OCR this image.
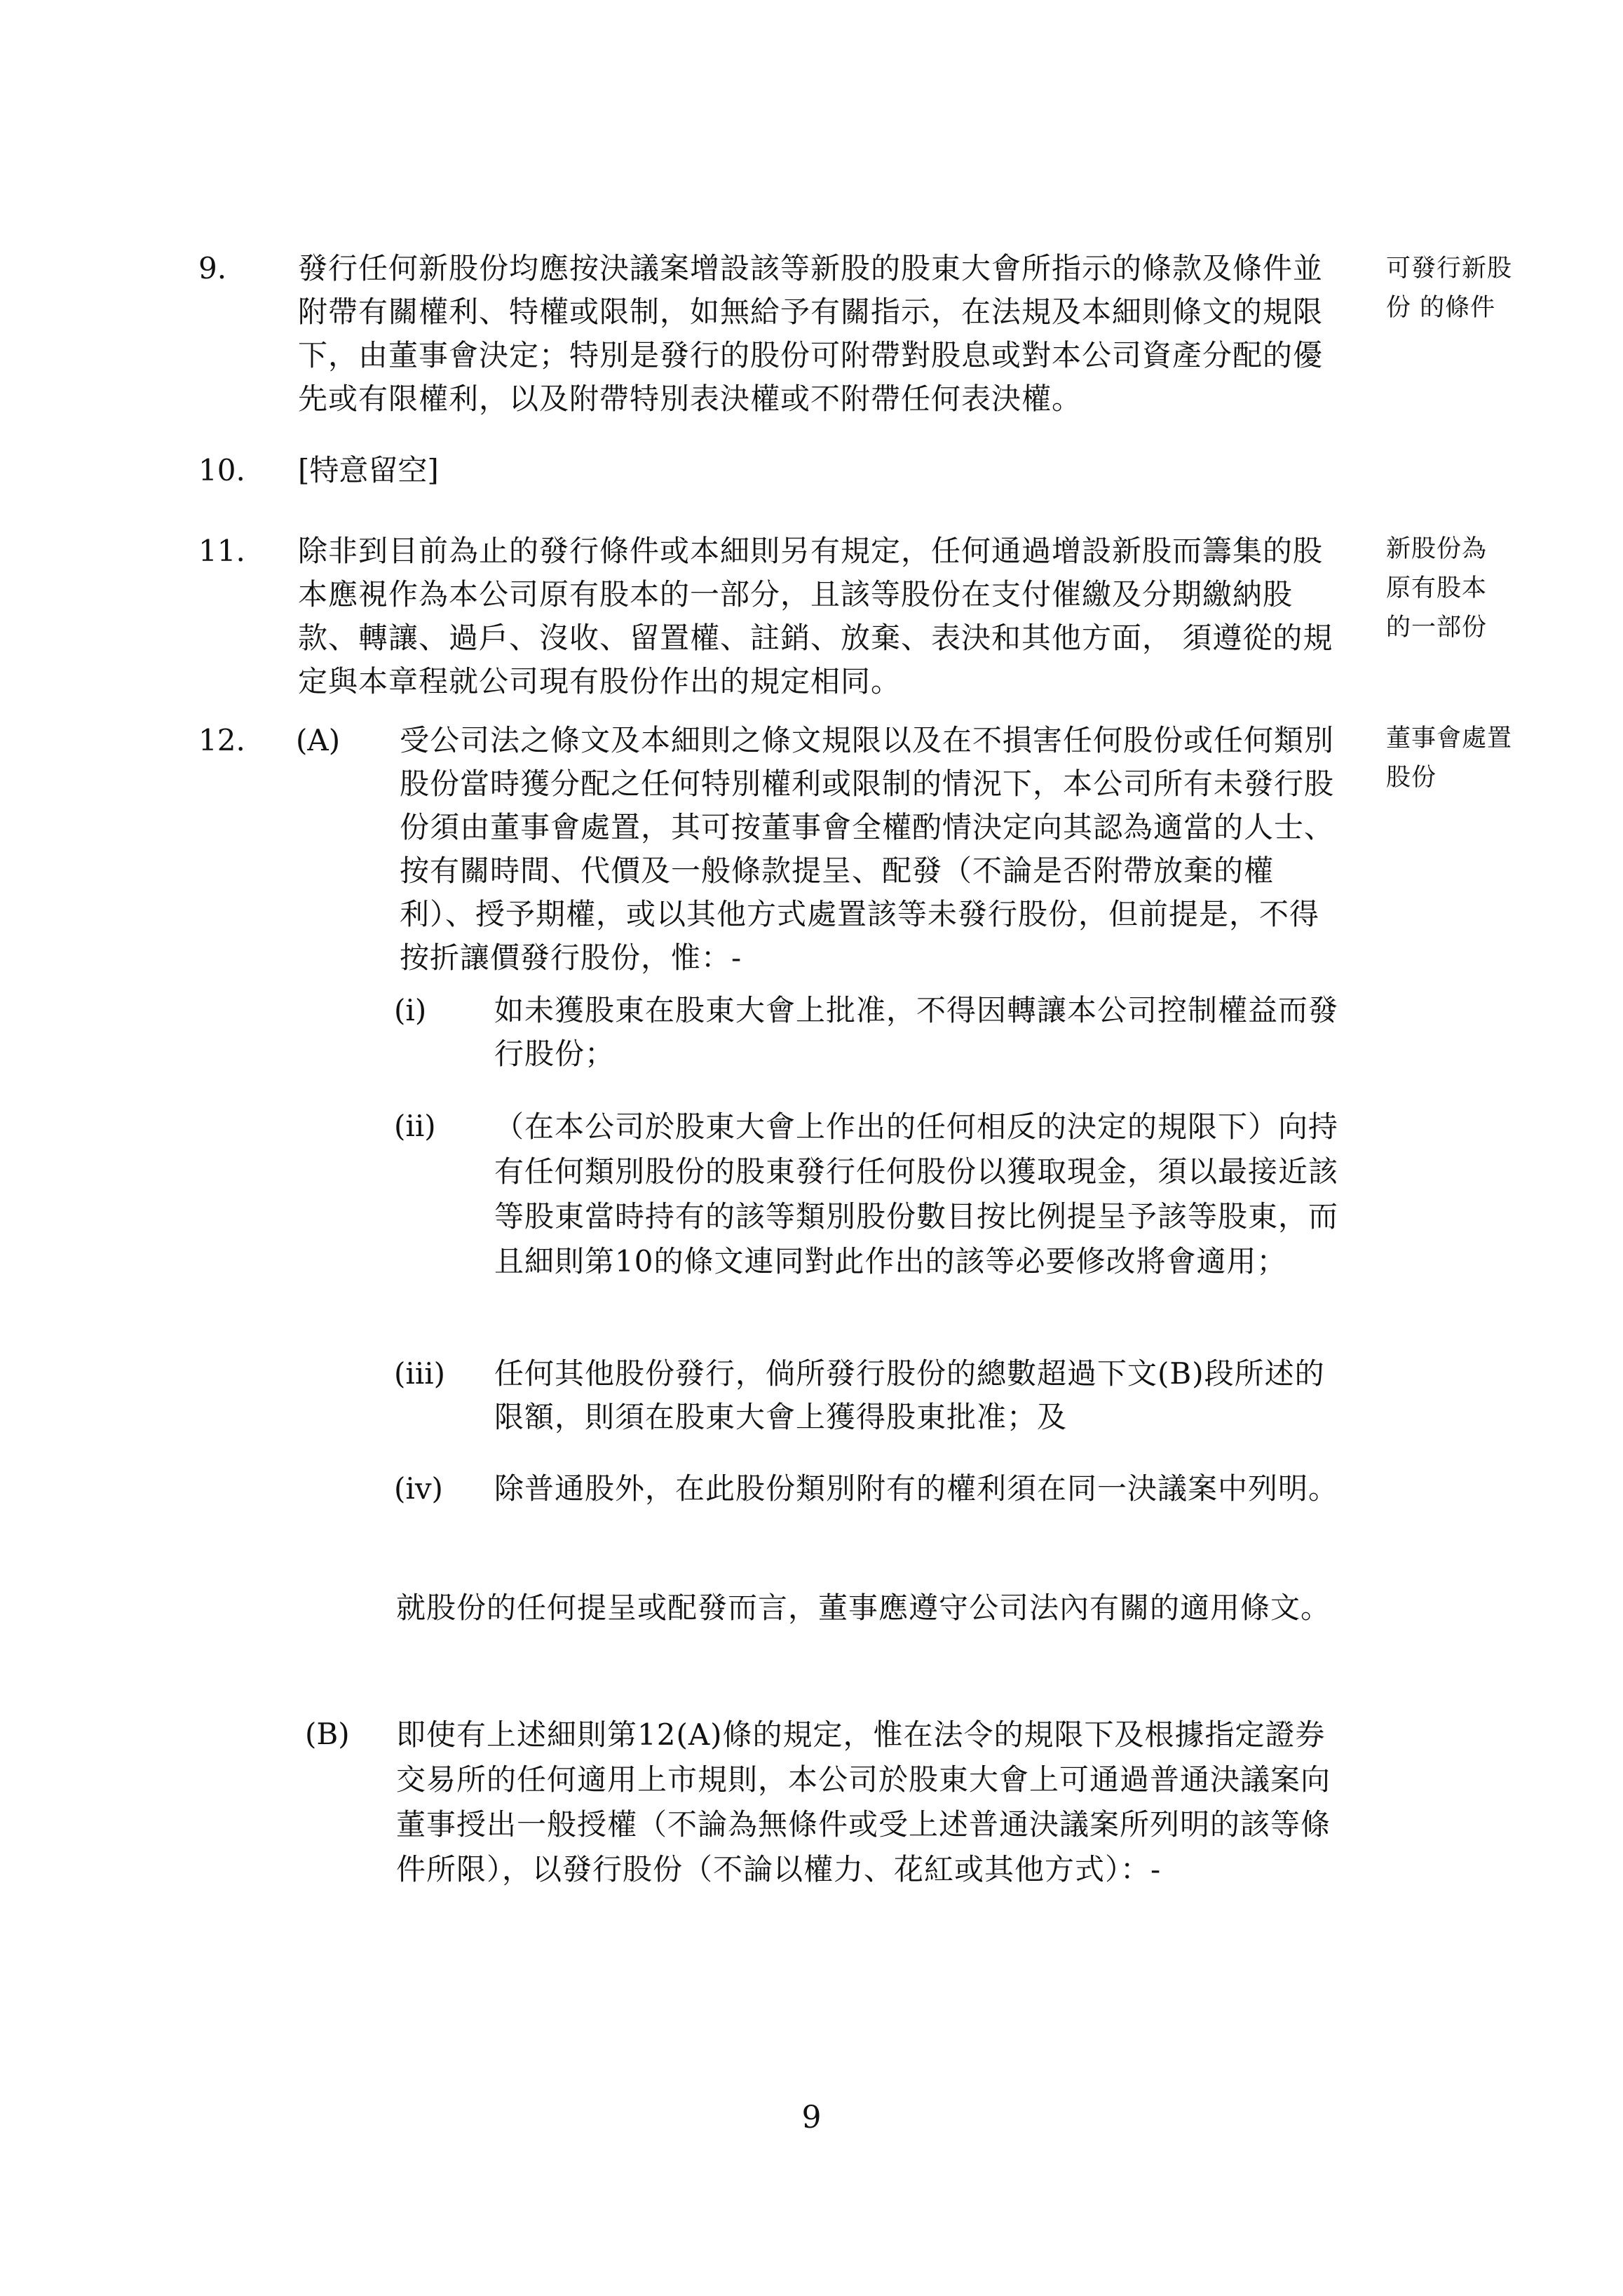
9. 發行任何新股份均應按決議案增設該等新股的股東大會所指示的條款及條件並附帶有關權利、特權或限制，如無給予有關指示，在法規及本細則條文的規限下，由董事會決定；特別是發行的股份可附帶對股息或對本公司資產分配的優先或有限權利，以及附帶特別表決權或不附帶任何表決權。

可發行新股份 的條件

10. [特意留空]

11. 除非到目前為止的發行條件或本細則另有規定，任何通過增設新股而籌集的股本應視作為本公司原有股本的一部分，且該等股份在支付催繳及分期繳納股款、轉讓、過戶、沒收、留置權、註銷、放棄、表決和其他方面， 須遵從的規定與本章程就公司現有股份作出的規定相同。

新股份為原有股本的一部份

12. (A) 受公司法之條文及本細則之條文規限以及在不損害任何股份或任何類別股份當時獲分配之任何特別權利或限制的情況下，本公司所有未發行股份須由董事會處置，其可按董事會全權酌情決定向其認為適當的人士、按有關時間、代價及一般條款提呈、配發（不論是否附帶放棄的權利）、授予期權，或以其他方式處置該等未發行股份，但前提是，不得按折讓價發行股份，惟：-

董事會處置股份

(i) 如未獲股東在股東大會上批准，不得因轉讓本公司控制權益而發行股份；

(ii) （在本公司於股東大會上作出的任何相反的決定的規限下）向持有任何類別股份的股東發行任何股份以獲取現金，須以最接近該等股東當時持有的該等類別股份數目按比例提呈予該等股東，而且細則第10的條文連同對此作出的該等必要修改將會適用；

(iii) 任何其他股份發行，倘所發行股份的總數超過下文(B)段所述的限額，則須在股東大會上獲得股東批准；及

(iv) 除普通股外，在此股份類別附有的權利須在同一決議案中列明。

就股份的任何提呈或配發而言，董事應遵守公司法內有關的適用條文。

(B) 即使有上述細則第12(A)條的規定，惟在法令的規限下及根據指定證券交易所的任何適用上市規則，本公司於股東大會上可通過普通決議案向董事授出一般授權（不論為無條件或受上述普通決議案所列明的該等條件所限），以發行股份（不論以權力、花紅或其他方式）：-

9
